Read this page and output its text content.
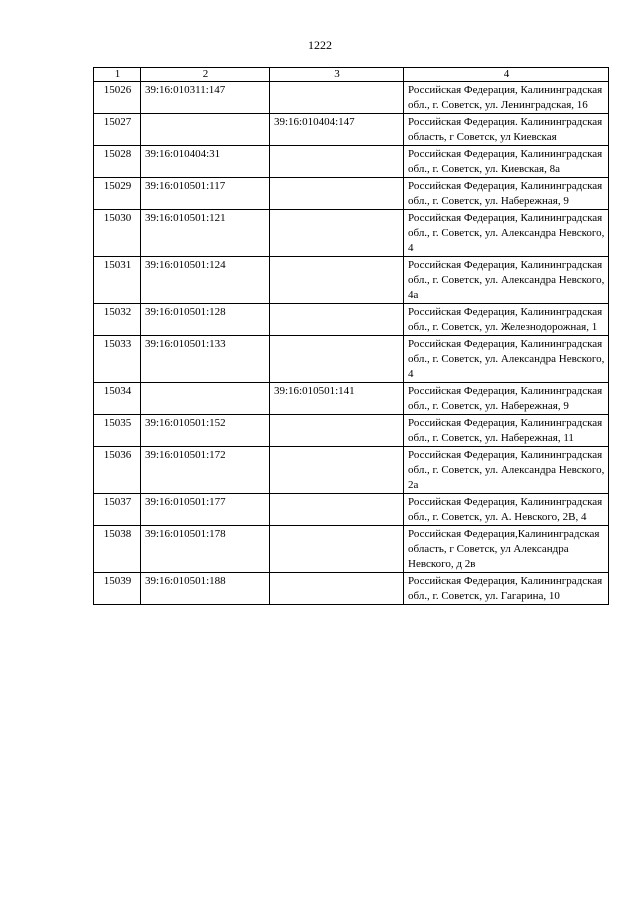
1222
1	2	3	4
15026	39:16:010311:147		Российская Федерация, Калининградская обл., г. Советск, ул. Ленинградская, 16
15027		39:16:010404:147	Российская Федерация. Калининградская область, г Советск, ул Киевская
15028	39:16:010404:31		Российская Федерация, Калининградская обл., г. Советск, ул. Киевская, 8а
15029	39:16:010501:117		Российская Федерация, Калининградская обл., г. Советск, ул. Набережная, 9
15030	39:16:010501:121		Российская Федерация, Калининградская обл., г. Советск, ул. Александра Невского, 4
15031	39:16:010501:124		Российская Федерация, Калининградская обл., г. Советск, ул. Александра Невского, 4а
15032	39:16:010501:128		Российская Федерация, Калининградская обл., г. Советск, ул. Железнодорожная, 1
15033	39:16:010501:133		Российская Федерация, Калининградская обл., г. Советск, ул. Александра Невского, 4
15034		39:16:010501:141	Российская Федерация, Калининградская обл., г. Советск, ул. Набережная, 9
15035	39:16:010501:152		Российская Федерация, Калининградская обл., г. Советск, ул. Набережная, 11
15036	39:16:010501:172		Российская Федерация, Калининградская обл., г. Советск, ул. Александра Невского, 2а
15037	39:16:010501:177		Российская Федерация, Калининградская обл., г. Советск, ул. А. Невского, 2В, 4
15038	39:16:010501:178		Российская Федерация,Калининградская область, г Советск, ул Александра Невского, д 2в
15039	39:16:010501:188		Российская Федерация, Калининградская обл., г. Советск, ул. Гагарина, 10
